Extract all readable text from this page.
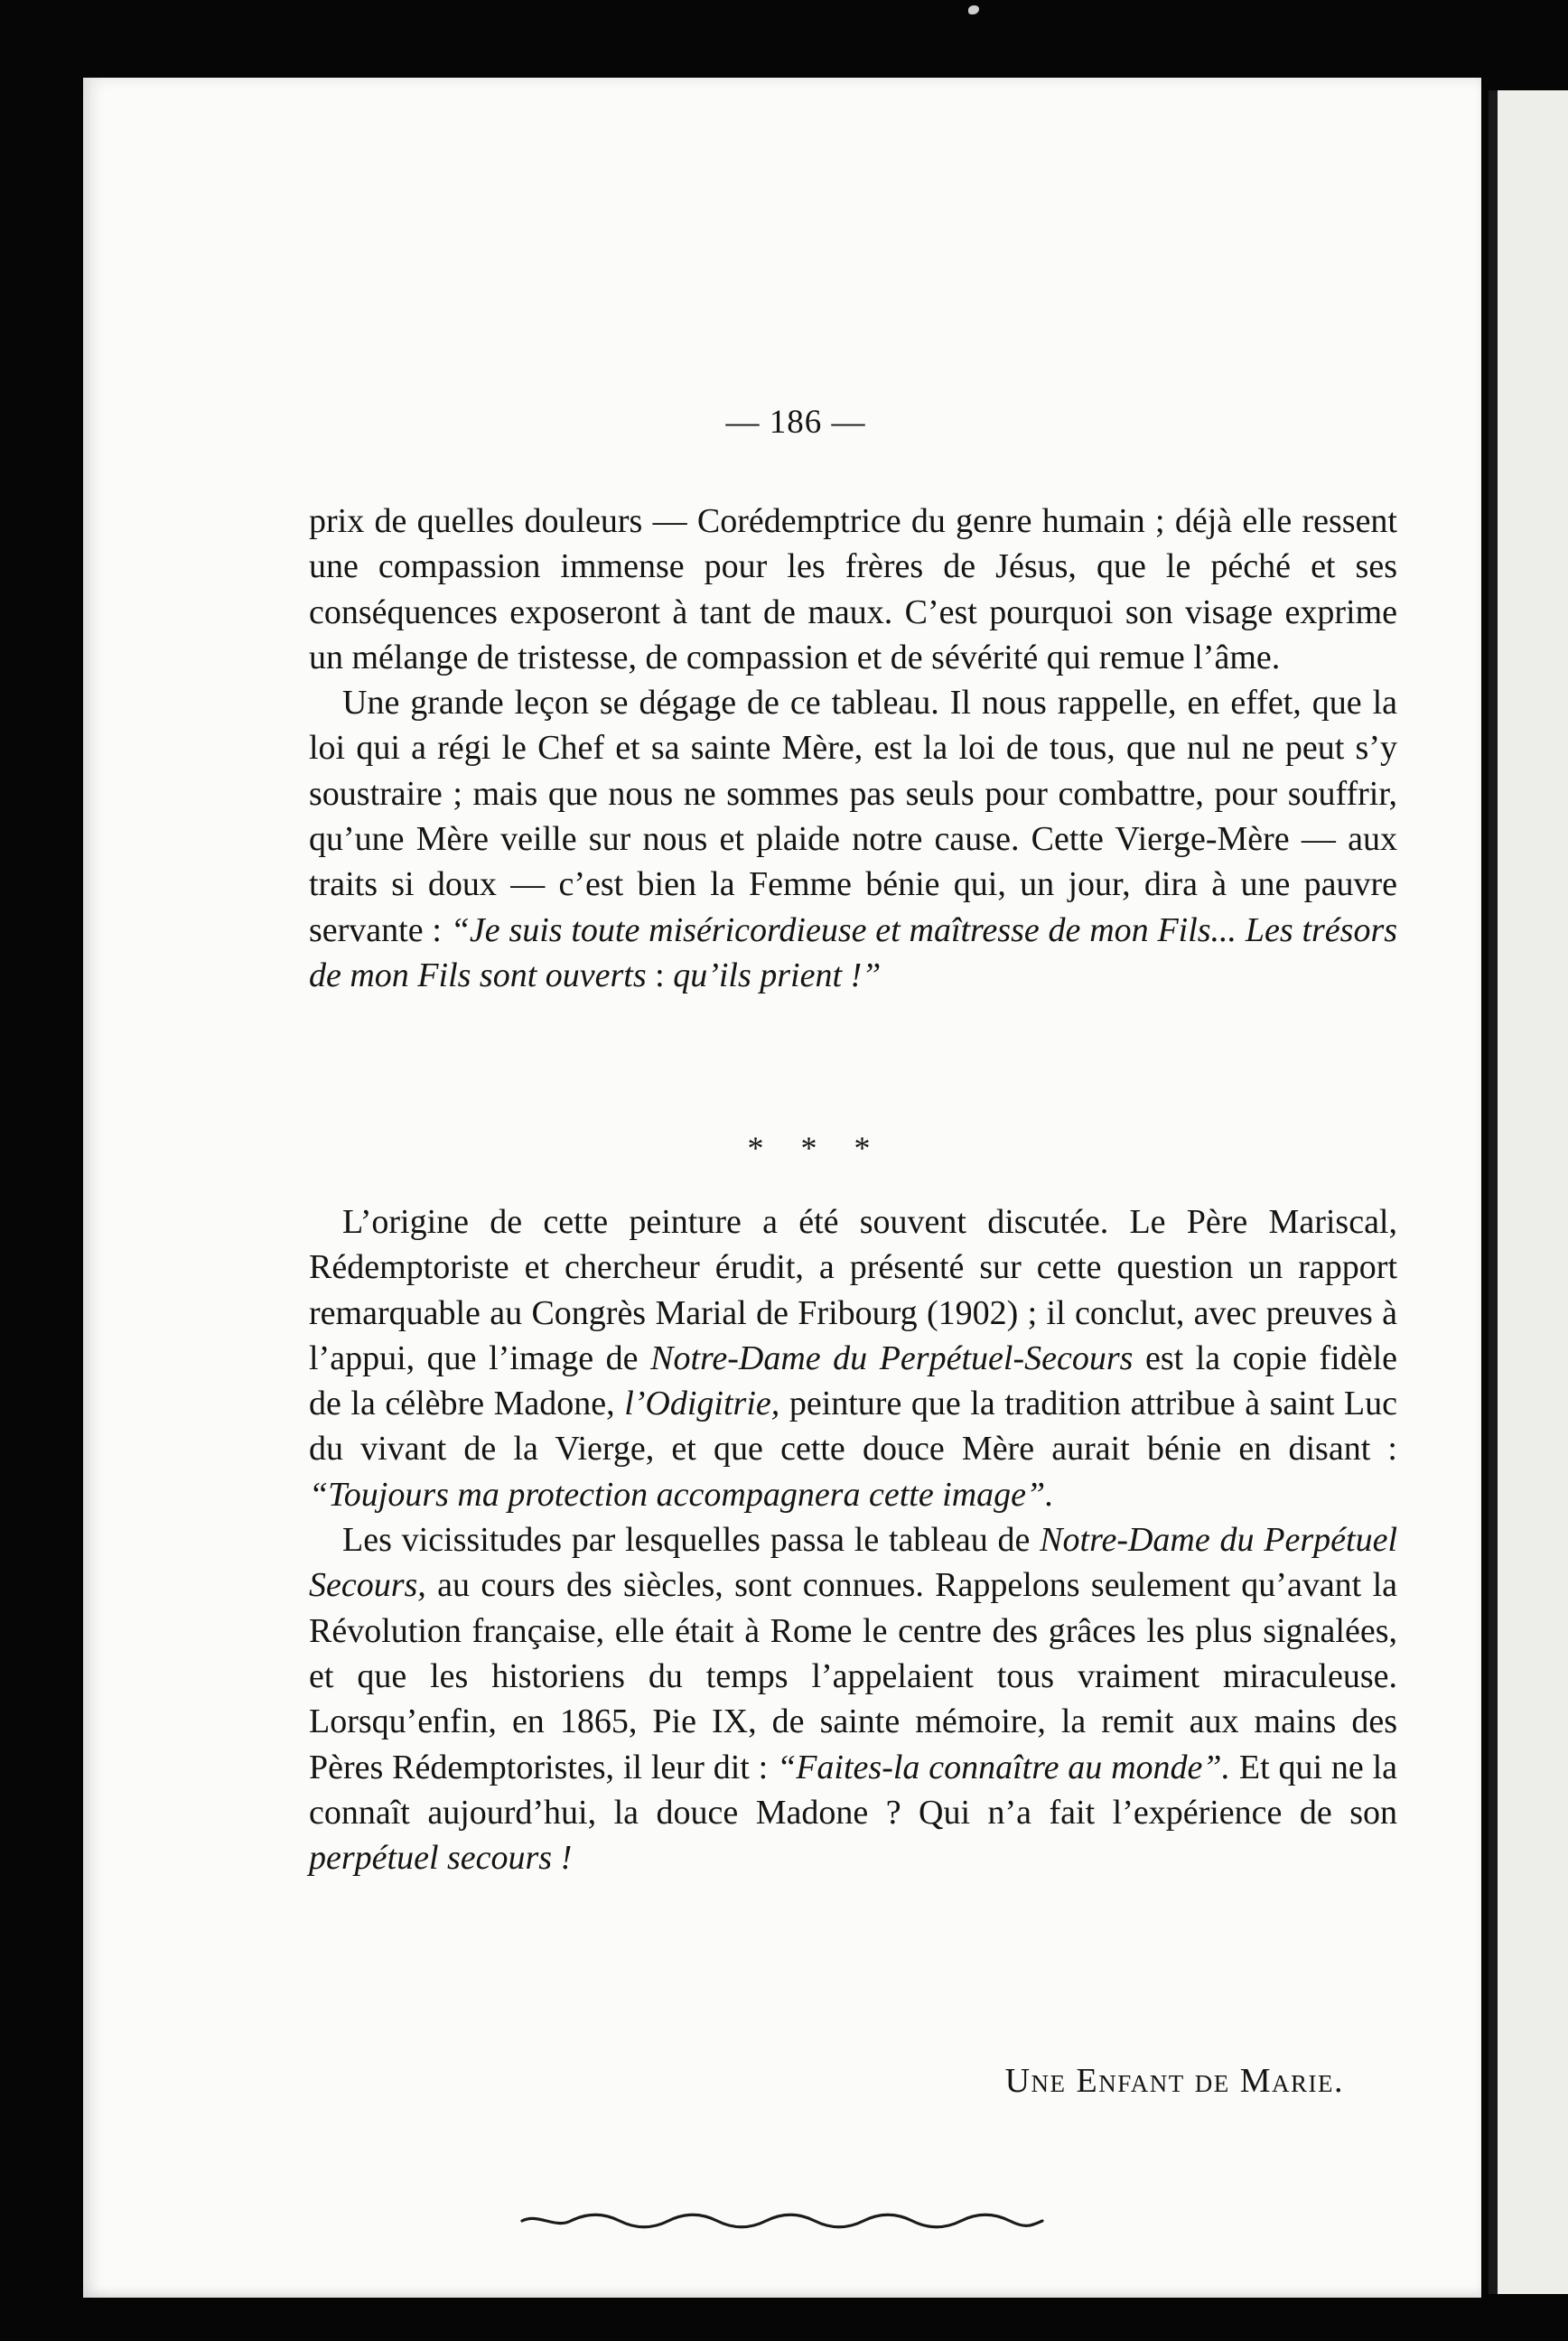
— 186 —

prix de quelles douleurs — Corédemptrice du genre humain ; déjà elle ressent une compassion immense pour les frères de Jésus, que le péché et ses conséquences exposeront à tant de maux. C’est pourquoi son visage exprime un mélange de tristesse, de compassion et de sévérité qui remue l’âme.

Une grande leçon se dégage de ce tableau. Il nous rappelle, en effet, que la loi qui a régi le Chef et sa sainte Mère, est la loi de tous, que nul ne peut s’y soustraire ; mais que nous ne sommes pas seuls pour combattre, pour souffrir, qu’une Mère veille sur nous et plaide notre cause. Cette Vierge-Mère — aux traits si doux — c’est bien la Femme bénie qui, un jour, dira à une pauvre servante : “Je suis toute miséricordieuse et maîtresse de mon Fils... Les trésors de mon Fils sont ouverts : qu’ils prient !”

* * *

L’origine de cette peinture a été souvent discutée. Le Père Mariscal, Rédemptoriste et chercheur érudit, a présenté sur cette question un rapport remarquable au Congrès Marial de Fribourg (1902) ; il conclut, avec preuves à l’appui, que l’image de Notre-Dame du Perpétuel-Secours est la copie fidèle de la célèbre Madone, l’Odigitrie, peinture que la tradition attribue à saint Luc du vivant de la Vierge, et que cette douce Mère aurait bénie en disant : “Toujours ma protection accompagnera cette image”.

Les vicissitudes par lesquelles passa le tableau de Notre-Dame du Perpétuel Secours, au cours des siècles, sont connues. Rappelons seulement qu’avant la Révolution française, elle était à Rome le centre des grâces les plus signalées, et que les historiens du temps l’appelaient tous vraiment miraculeuse. Lorsqu’enfin, en 1865, Pie IX, de sainte mémoire, la remit aux mains des Pères Rédemptoristes, il leur dit : “Faites-la connaître au monde”. Et qui ne la connaît aujourd’hui, la douce Madone ? Qui n’a fait l’expérience de son perpétuel secours !

Une Enfant de Marie.
